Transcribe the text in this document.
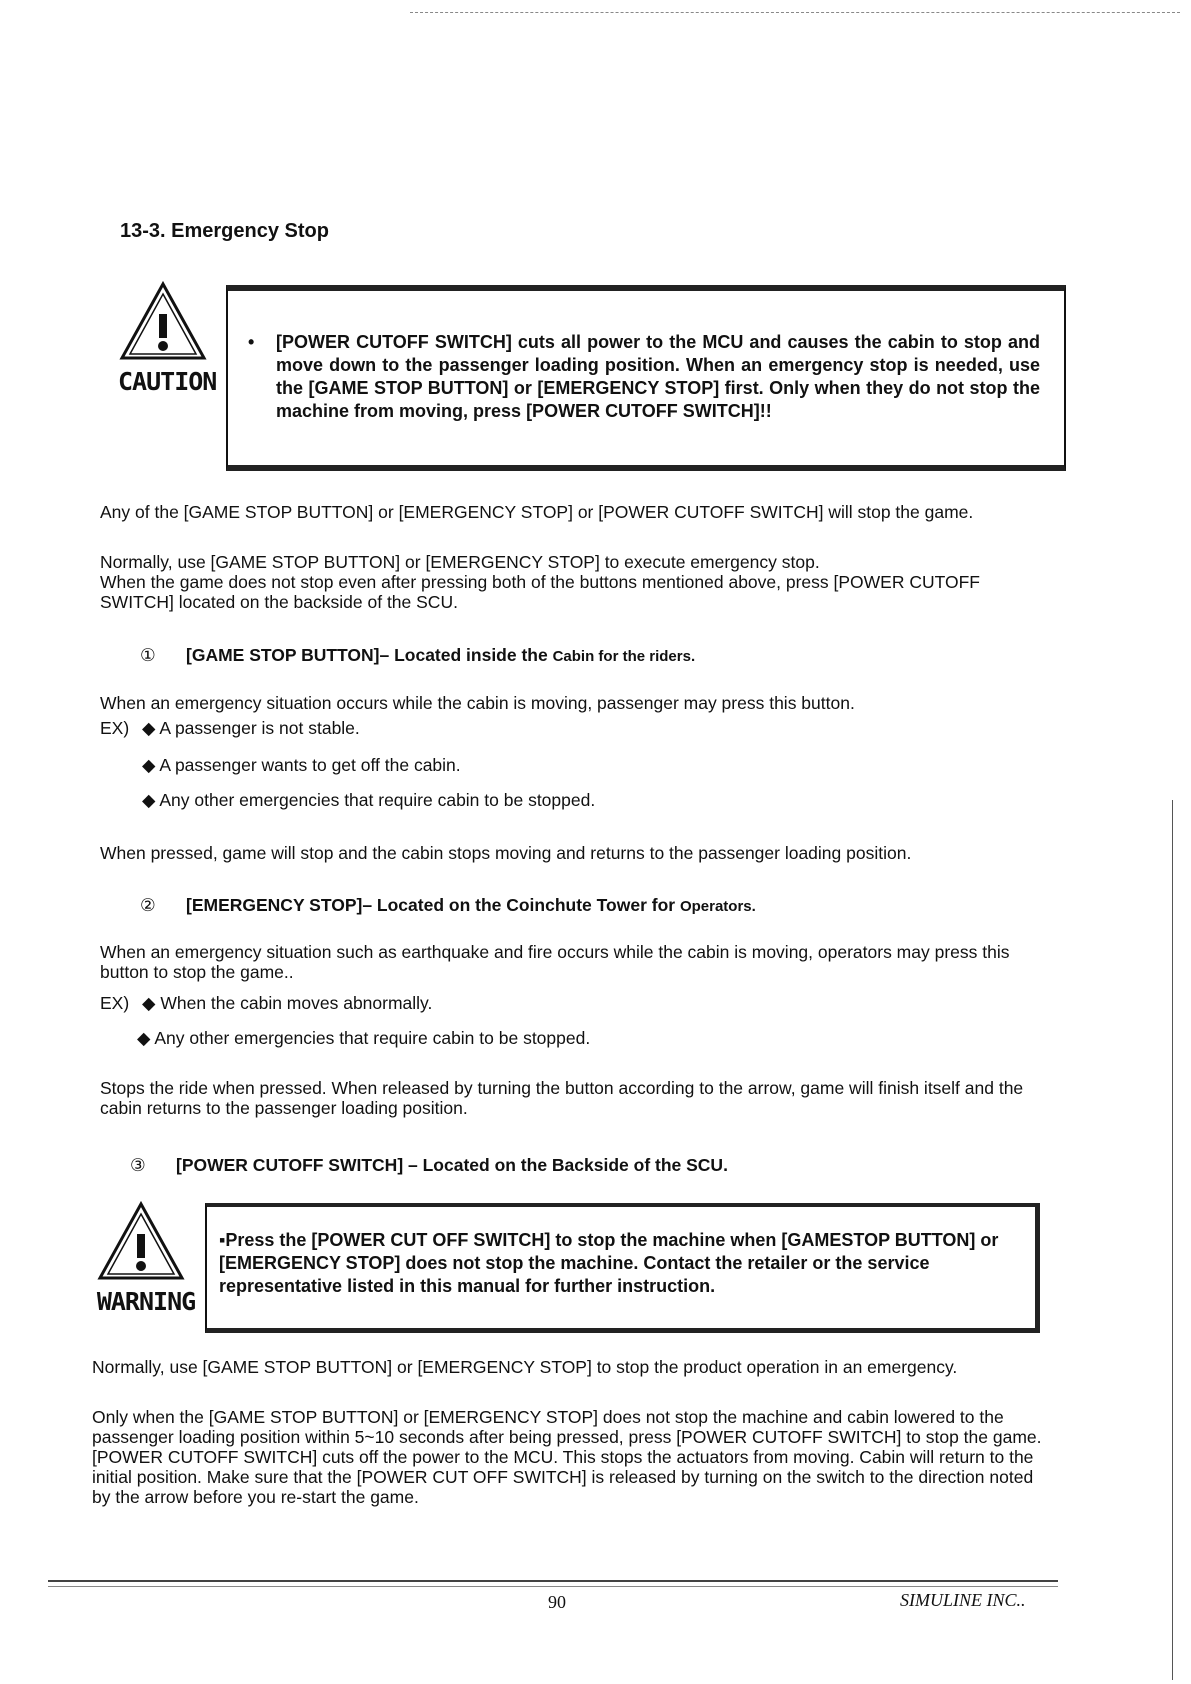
13-3. Emergency Stop
CAUTION
• [POWER CUTOFF SWITCH] cuts all power to the MCU and causes the cabin to stop and move down to the passenger loading position. When an emergency stop is needed, use the [GAME STOP BUTTON] or [EMERGENCY STOP] first. Only when they do not stop the machine from moving, press [POWER CUTOFF SWITCH]!!
Any of the [GAME STOP BUTTON] or [EMERGENCY STOP] or [POWER CUTOFF SWITCH] will stop the game.
Normally, use [GAME STOP BUTTON] or [EMERGENCY STOP] to execute emergency stop.
When the game does not stop even after pressing both of the buttons mentioned above, press [POWER CUTOFF SWITCH] located on the backside of the SCU.
① [GAME STOP BUTTON]– Located inside the Cabin for the riders.
When an emergency situation occurs while the cabin is moving, passenger may press this button.
EX) ◆ A passenger is not stable.
◆ A passenger wants to get off the cabin.
◆ Any other emergencies that require cabin to be stopped.
When pressed, game will stop and the cabin stops moving and returns to the passenger loading position.
② [EMERGENCY STOP]– Located on the Coinchute Tower for Operators.
When an emergency situation such as earthquake and fire occurs while the cabin is moving, operators may press this button to stop the game..
EX) ◆ When the cabin moves abnormally.
◆ Any other emergencies that require cabin to be stopped.
Stops the ride when pressed. When released by turning the button according to the arrow, game will finish itself and the cabin returns to the passenger loading position.
③ [POWER CUTOFF SWITCH] – Located on the Backside of the SCU.
WARNING
▪Press the [POWER CUT OFF SWITCH] to stop the machine when [GAMESTOP BUTTON] or [EMERGENCY STOP] does not stop the machine. Contact the retailer or the service representative listed in this manual for further instruction.
Normally, use [GAME STOP BUTTON] or [EMERGENCY STOP] to stop the product operation in an emergency.
Only when the [GAME STOP BUTTON] or [EMERGENCY STOP] does not stop the machine and cabin lowered to the passenger loading position within 5~10 seconds after being pressed, press [POWER CUTOFF SWITCH] to stop the game. [POWER CUTOFF SWITCH] cuts off the power to the MCU. This stops the actuators from moving. Cabin will return to the initial position. Make sure that the [POWER CUT OFF SWITCH] is released by turning on the switch to the direction noted by the arrow before you re-start the game.
90	SIMULINE INC..
